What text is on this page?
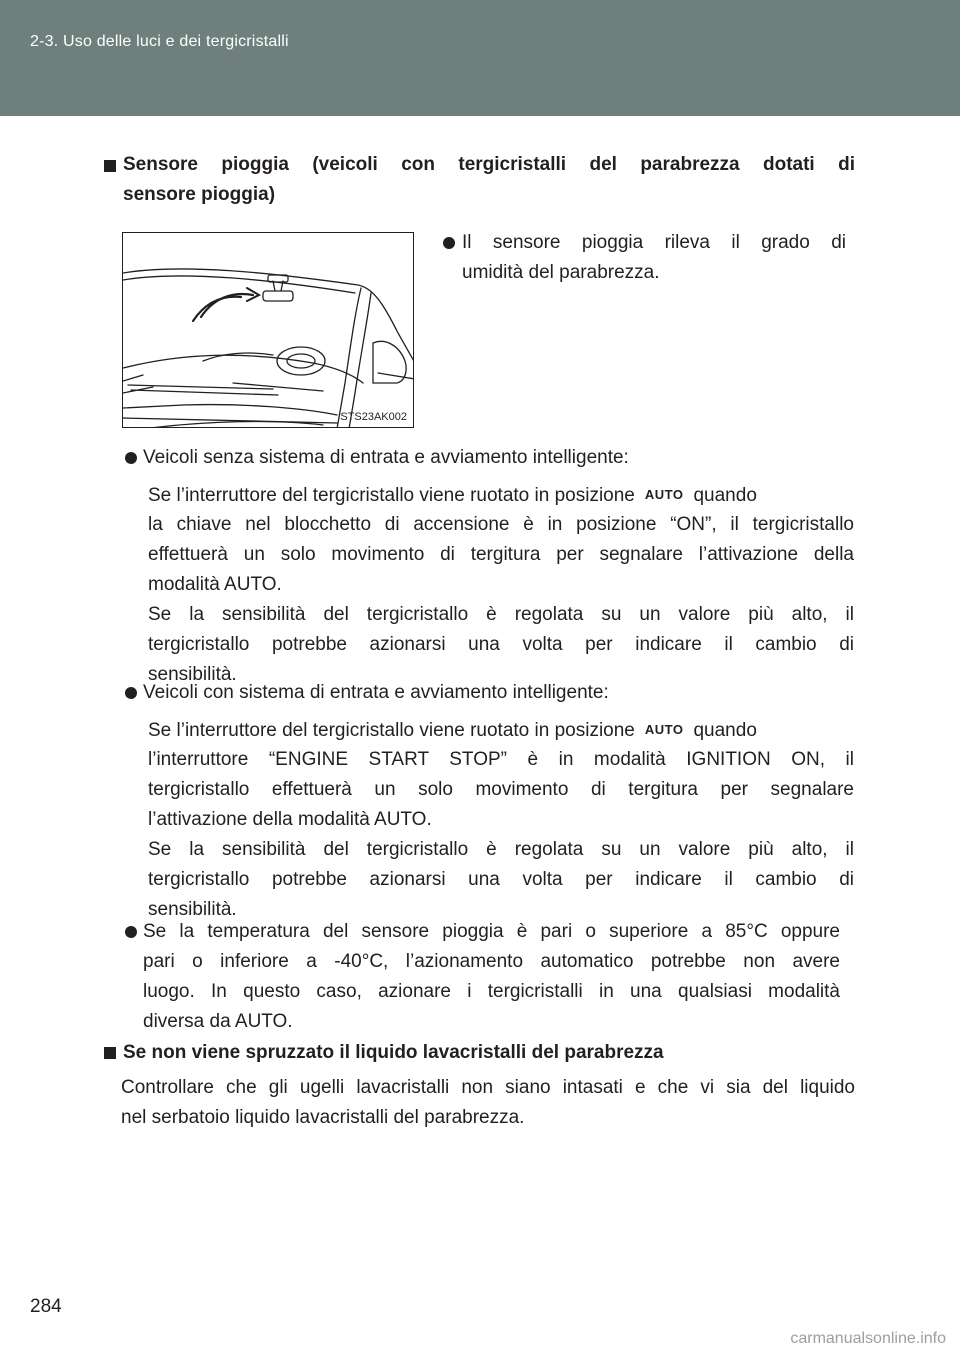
2-3. Uso delle luci e dei tergicristalli
Sensore pioggia (veicoli con tergicristalli del parabrezza dotati di
sensore pioggia)
STS23AK002
Il sensore pioggia rileva il grado di
umidità del parabrezza.
Veicoli senza sistema di entrata e avviamento intelligente:
Se l’interruttore del tergicristallo viene ruotato in posizione AUTO quando
la chiave nel blocchetto di accensione è in posizione “ON”, il tergicristallo
effettuerà un solo movimento di tergitura per segnalare l’attivazione della
modalità AUTO.
Se la sensibilità del tergicristallo è regolata su un valore più alto, il
tergicristallo potrebbe azionarsi una volta per indicare il cambio di
sensibilità.
Veicoli con sistema di entrata e avviamento intelligente:
Se l’interruttore del tergicristallo viene ruotato in posizione AUTO quando
l’interruttore “ENGINE START STOP” è in modalità IGNITION ON, il
tergicristallo effettuerà un solo movimento di tergitura per segnalare
l’attivazione della modalità AUTO.
Se la sensibilità del tergicristallo è regolata su un valore più alto, il
tergicristallo potrebbe azionarsi una volta per indicare il cambio di
sensibilità.
Se la temperatura del sensore pioggia è pari o superiore a 85°C oppure
pari o inferiore a -40°C, l’azionamento automatico potrebbe non avere
luogo. In questo caso, azionare i tergicristalli in una qualsiasi modalità
diversa da AUTO.
Se non viene spruzzato il liquido lavacristalli del parabrezza
Controllare che gli ugelli lavacristalli non siano intasati e che vi sia del liquido
nel serbatoio liquido lavacristalli del parabrezza.
284
carmanualsonline.info
